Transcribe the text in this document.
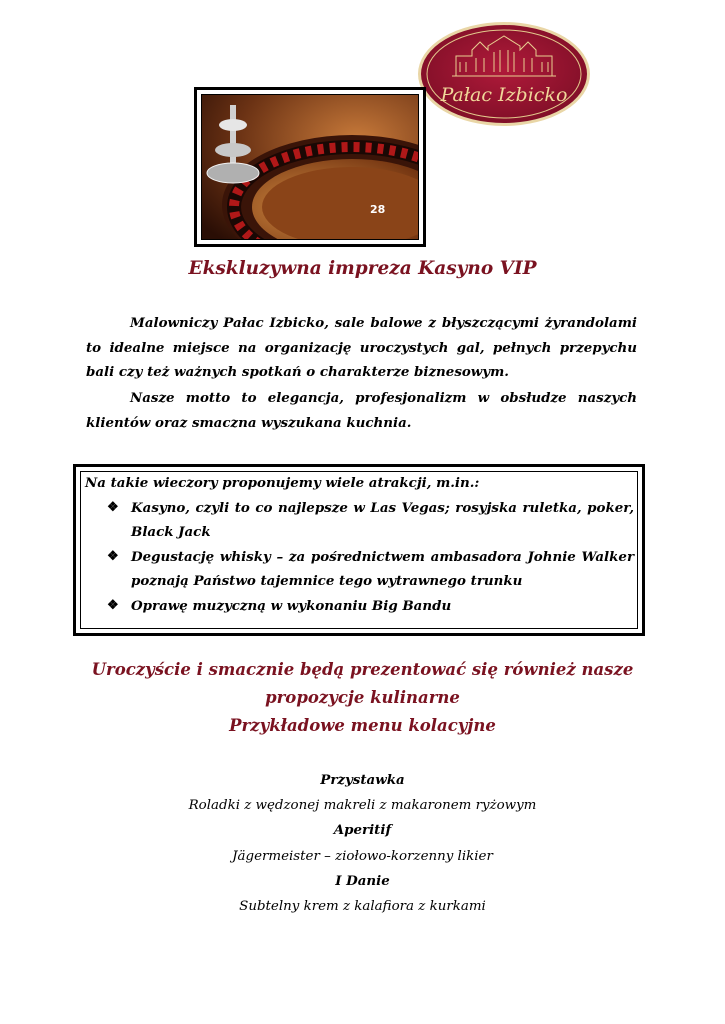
Pałac Izbicko
28
Ekskluzywna impreza Kasyno VIP
Malowniczy Pałac Izbicko, sale balowe z błyszczącymi żyrandolami to idealne miejsce na organizację uroczystych gal, pełnych przepychu bali czy też ważnych spotkań o charakterze biznesowym.
Nasze motto to elegancja, profesjonalizm w obsłudze naszych klientów oraz smaczna wyszukana kuchnia.
Na takie wieczory proponujemy wiele atrakcji, m.in.:
❖ Kasyno, czyli to co najlepsze w Las Vegas; rosyjska ruletka, poker, Black Jack
❖ Degustację whisky – za pośrednictwem ambasadora Johnie Walker poznają Państwo tajemnice tego wytrawnego trunku
❖ Oprawę muzyczną w wykonaniu Big Bandu
Uroczyście i smacznie będą prezentować się również nasze
propozycje kulinarne
Przykładowe menu kolacyjne
Przystawka
Roladki z wędzonej makreli z makaronem ryżowym
Aperitif
Jägermeister – ziołowo-korzenny likier
I Danie
Subtelny krem z kalafiora z kurkami
